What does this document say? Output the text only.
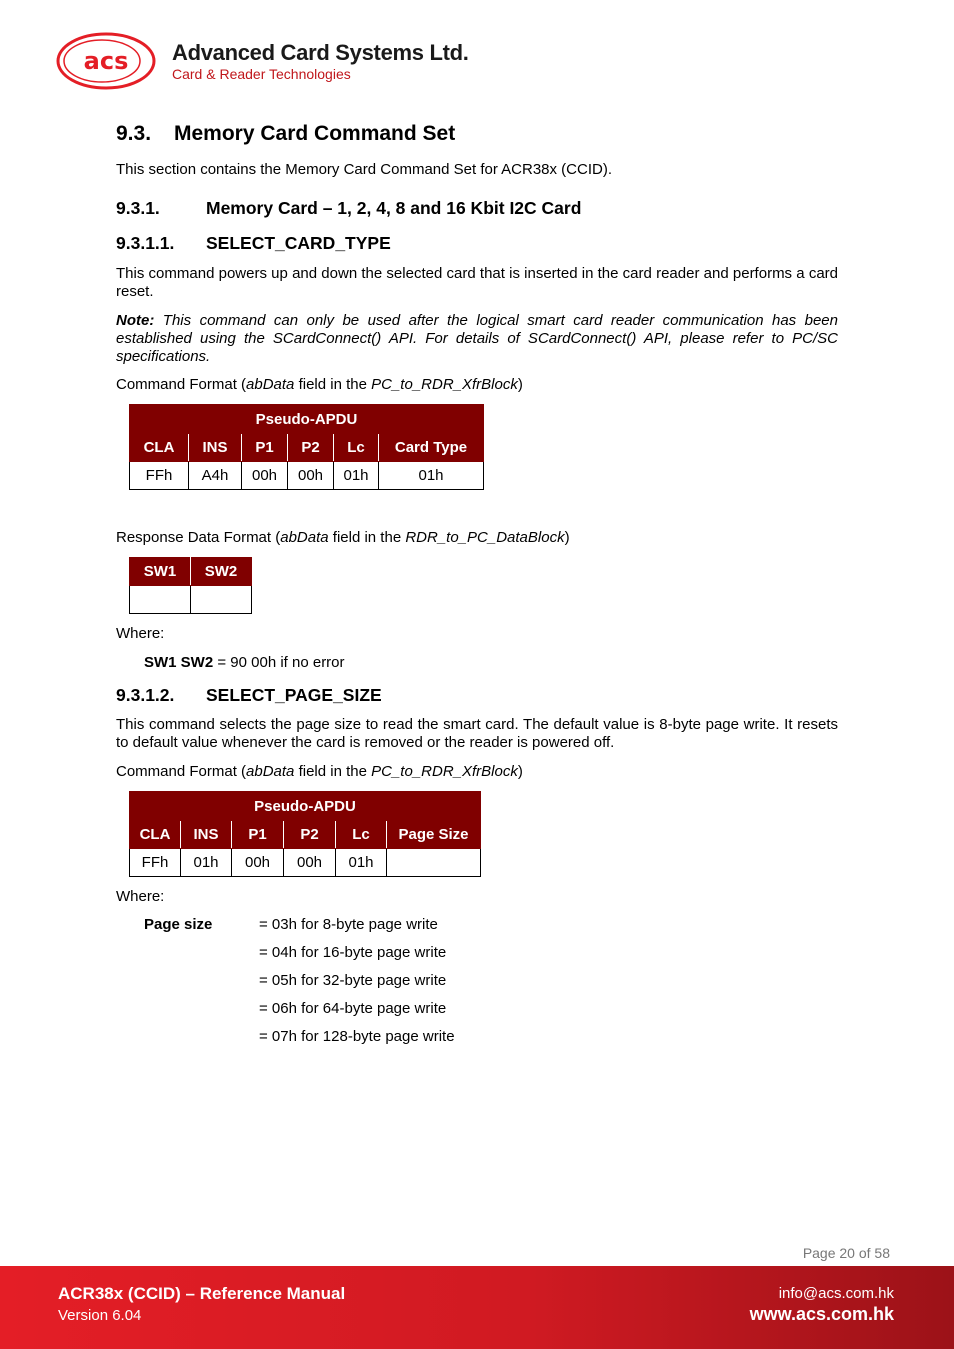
acs Advanced Card Systems Ltd.
Card & Reader Technologies
9.3. Memory Card Command Set
This section contains the Memory Card Command Set for ACR38x (CCID).
9.3.1.	Memory Card – 1, 2, 4, 8 and 16 Kbit I2C Card
9.3.1.1. SELECT_CARD_TYPE

This command powers up and down the selected card that is inserted in the card reader and performs a card reset.

Note: This command can only be used after the logical smart card reader communication has been established using the SCardConnect() API. For details of SCardConnect() API, please refer to PC/SC specifications.

Command Format (abData field in the PC_to_RDR_XfrBlock)

Pseudo-APDU					
CLA	INS	P1	P2	Lc	Card Type
FFh	A4h	00h	00h	01h	01h

Response Data Format (abData field in the RDR_to_PC_DataBlock)

SW1	SW2

Where:

SW1 SW2 = 90 00h if no error

9.3.1.2. SELECT_PAGE_SIZE

This command selects the page size to read the smart card. The default value is 8-byte page write. It resets to default value whenever the card is removed or the reader is powered off.

Command Format (abData field in the PC_to_RDR_XfrBlock)

Pseudo-APDU					
CLA	INS	P1	P2	Lc	Page Size
FFh	01h	00h	00h	01h	

Where:

Page size	= 03h for 8-byte page write

= 04h for 16-byte page write

= 05h for 32-byte page write

= 06h for 64-byte page write

= 07h for 128-byte page write

Page 20 of 58
ACR38x (CCID) – Reference Manual
Version 6.04
info@acs.com.hk
www.acs.com.hk
